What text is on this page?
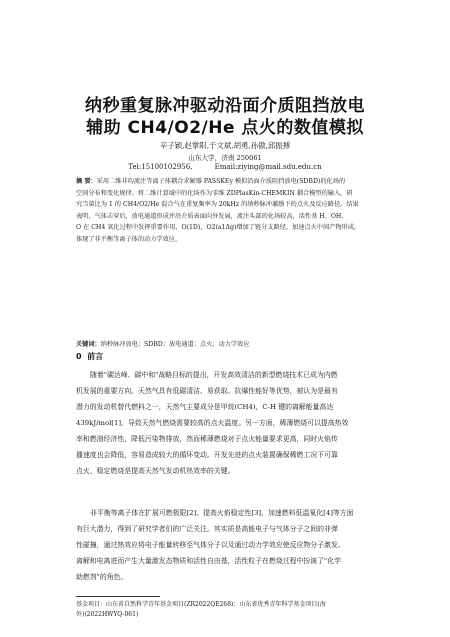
纳秒重复脉冲驱动沿面介质阻挡放电
辅助 CH4/O2/He 点火的数值模拟
辛子颖,赵掌阳,于文斌,胡勇,孙傲,邱振搏
山东大学，济南 250061
Tel:15100102956,	Email:ziying@mail.sdu.edu.cn
摘 要：采用二维非均流注等离子体耦合求解器 PASSKEy 模拟沿面介质阻挡放电(SDBD)的化场的
空间分布和变化规律。将二维计算域中的化场作为零维 ZDPlasKin-CHEMKIN 耦合模型的输入，研
究当量比为 1 的 CH4/O2/He 混合气在重复频率为 20kHz 的纳秒脉冲激励下的点火及反应路径。结果
表明，气体击穿后，放电通道形成并沿介质表面向外发展，流注头部的化场较高，活性基 H、OH、
O 在 CH4 氧化过程中发挥重要作用，O(1D)、O2(a1Δg)增加了链分支路径，加速点火中间产物形成，
体现了非平衡等离子体的动力学效应。
关键词：纳秒脉冲放电；SDBD；放电通道；点火；动力学效应
0 前言
随着"碳达峰、碳中和"战略目标的提出，开发高效清洁的新型燃烧技术已成为内燃
机发展的重要方向。天然气具有低碳清洁、易获取、抗爆性能好等优势，被认为是最有
潜力的发动机替代燃料之一，天然气主要成分是甲烷(CH4)，C-H 键的离解能量高达
439kJ/mol[1]，导致天然气燃烧需要较高的点火温度。另一方面，稀薄燃烧可以提高热效
率和燃油经济性，降低污染物排放，然而稀薄燃烧对于点火能量要求更高，同时火焰传
播速度也会降低，容易造成较大的循环变动。开发先进的点火装置确保稀燃工况下可靠
点火、稳定燃烧是提高天然气发动机热效率的关键。
非平衡等离子体在扩展可燃极限[2]、提高火焰稳定性[3]、加速燃料低温氧化[4]等方面
有巨大潜力，得到了研究学者们的广泛关注。其实质是高能电子与气体分子之间的非弹
性碰撞，通过热效应将电子能量转移至气体分子以及通过动力学效应使反应物分子激发、
离解和电离进而产生大量激发态物质和活性自由基，活性粒子在燃烧过程中扮演了"化学
助燃剂"的角色。
基金项目：山东省自然科学青年基金项目(ZR2022QE268)；山东省优秀青年科学基金项目(海
外)(2022HWYQ-061)
